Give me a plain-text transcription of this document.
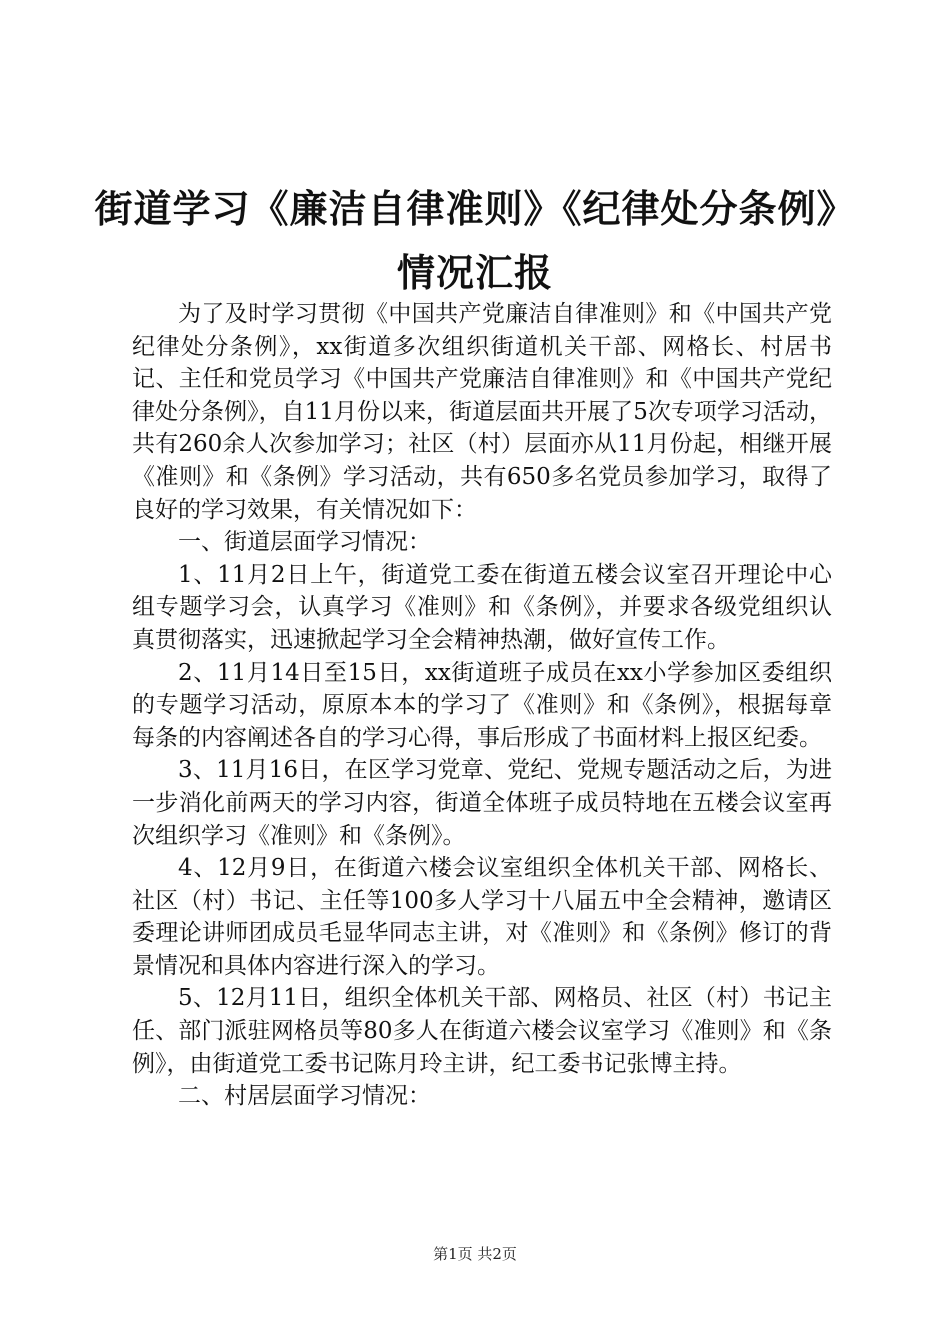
街道学习《廉洁自律准则》《纪律处分条例》
情况汇报

为了及时学习贯彻《中国共产党廉洁自律准则》和《中国共产党纪律处分条例》，xx街道多次组织街道机关干部、网格长、村居书记、主任和党员学习《中国共产党廉洁自律准则》和《中国共产党纪律处分条例》，自11月份以来，街道层面共开展了5次专项学习活动，共有260余人次参加学习；社区（村）层面亦从11月份起，相继开展《准则》和《条例》学习活动，共有650多名党员参加学习，取得了良好的学习效果，有关情况如下：

一、街道层面学习情况：

1、11月2日上午，街道党工委在街道五楼会议室召开理论中心组专题学习会，认真学习《准则》和《条例》，并要求各级党组织认真贯彻落实，迅速掀起学习全会精神热潮，做好宣传工作。

2、11月14日至15日，xx街道班子成员在xx小学参加区委组织的专题学习活动，原原本本的学习了《准则》和《条例》，根据每章每条的内容阐述各自的学习心得，事后形成了书面材料上报区纪委。

3、11月16日，在区学习党章、党纪、党规专题活动之后，为进一步消化前两天的学习内容，街道全体班子成员特地在五楼会议室再次组织学习《准则》和《条例》。

4、12月9日，在街道六楼会议室组织全体机关干部、网格长、社区（村）书记、主任等100多人学习十八届五中全会精神，邀请区委理论讲师团成员毛显华同志主讲，对《准则》和《条例》修订的背景情况和具体内容进行深入的学习。

5、12月11日，组织全体机关干部、网格员、社区（村）书记主任、部门派驻网格员等80多人在街道六楼会议室学习《准则》和《条例》，由街道党工委书记陈月玲主讲，纪工委书记张博主持。

二、村居层面学习情况：

第1页 共2页
